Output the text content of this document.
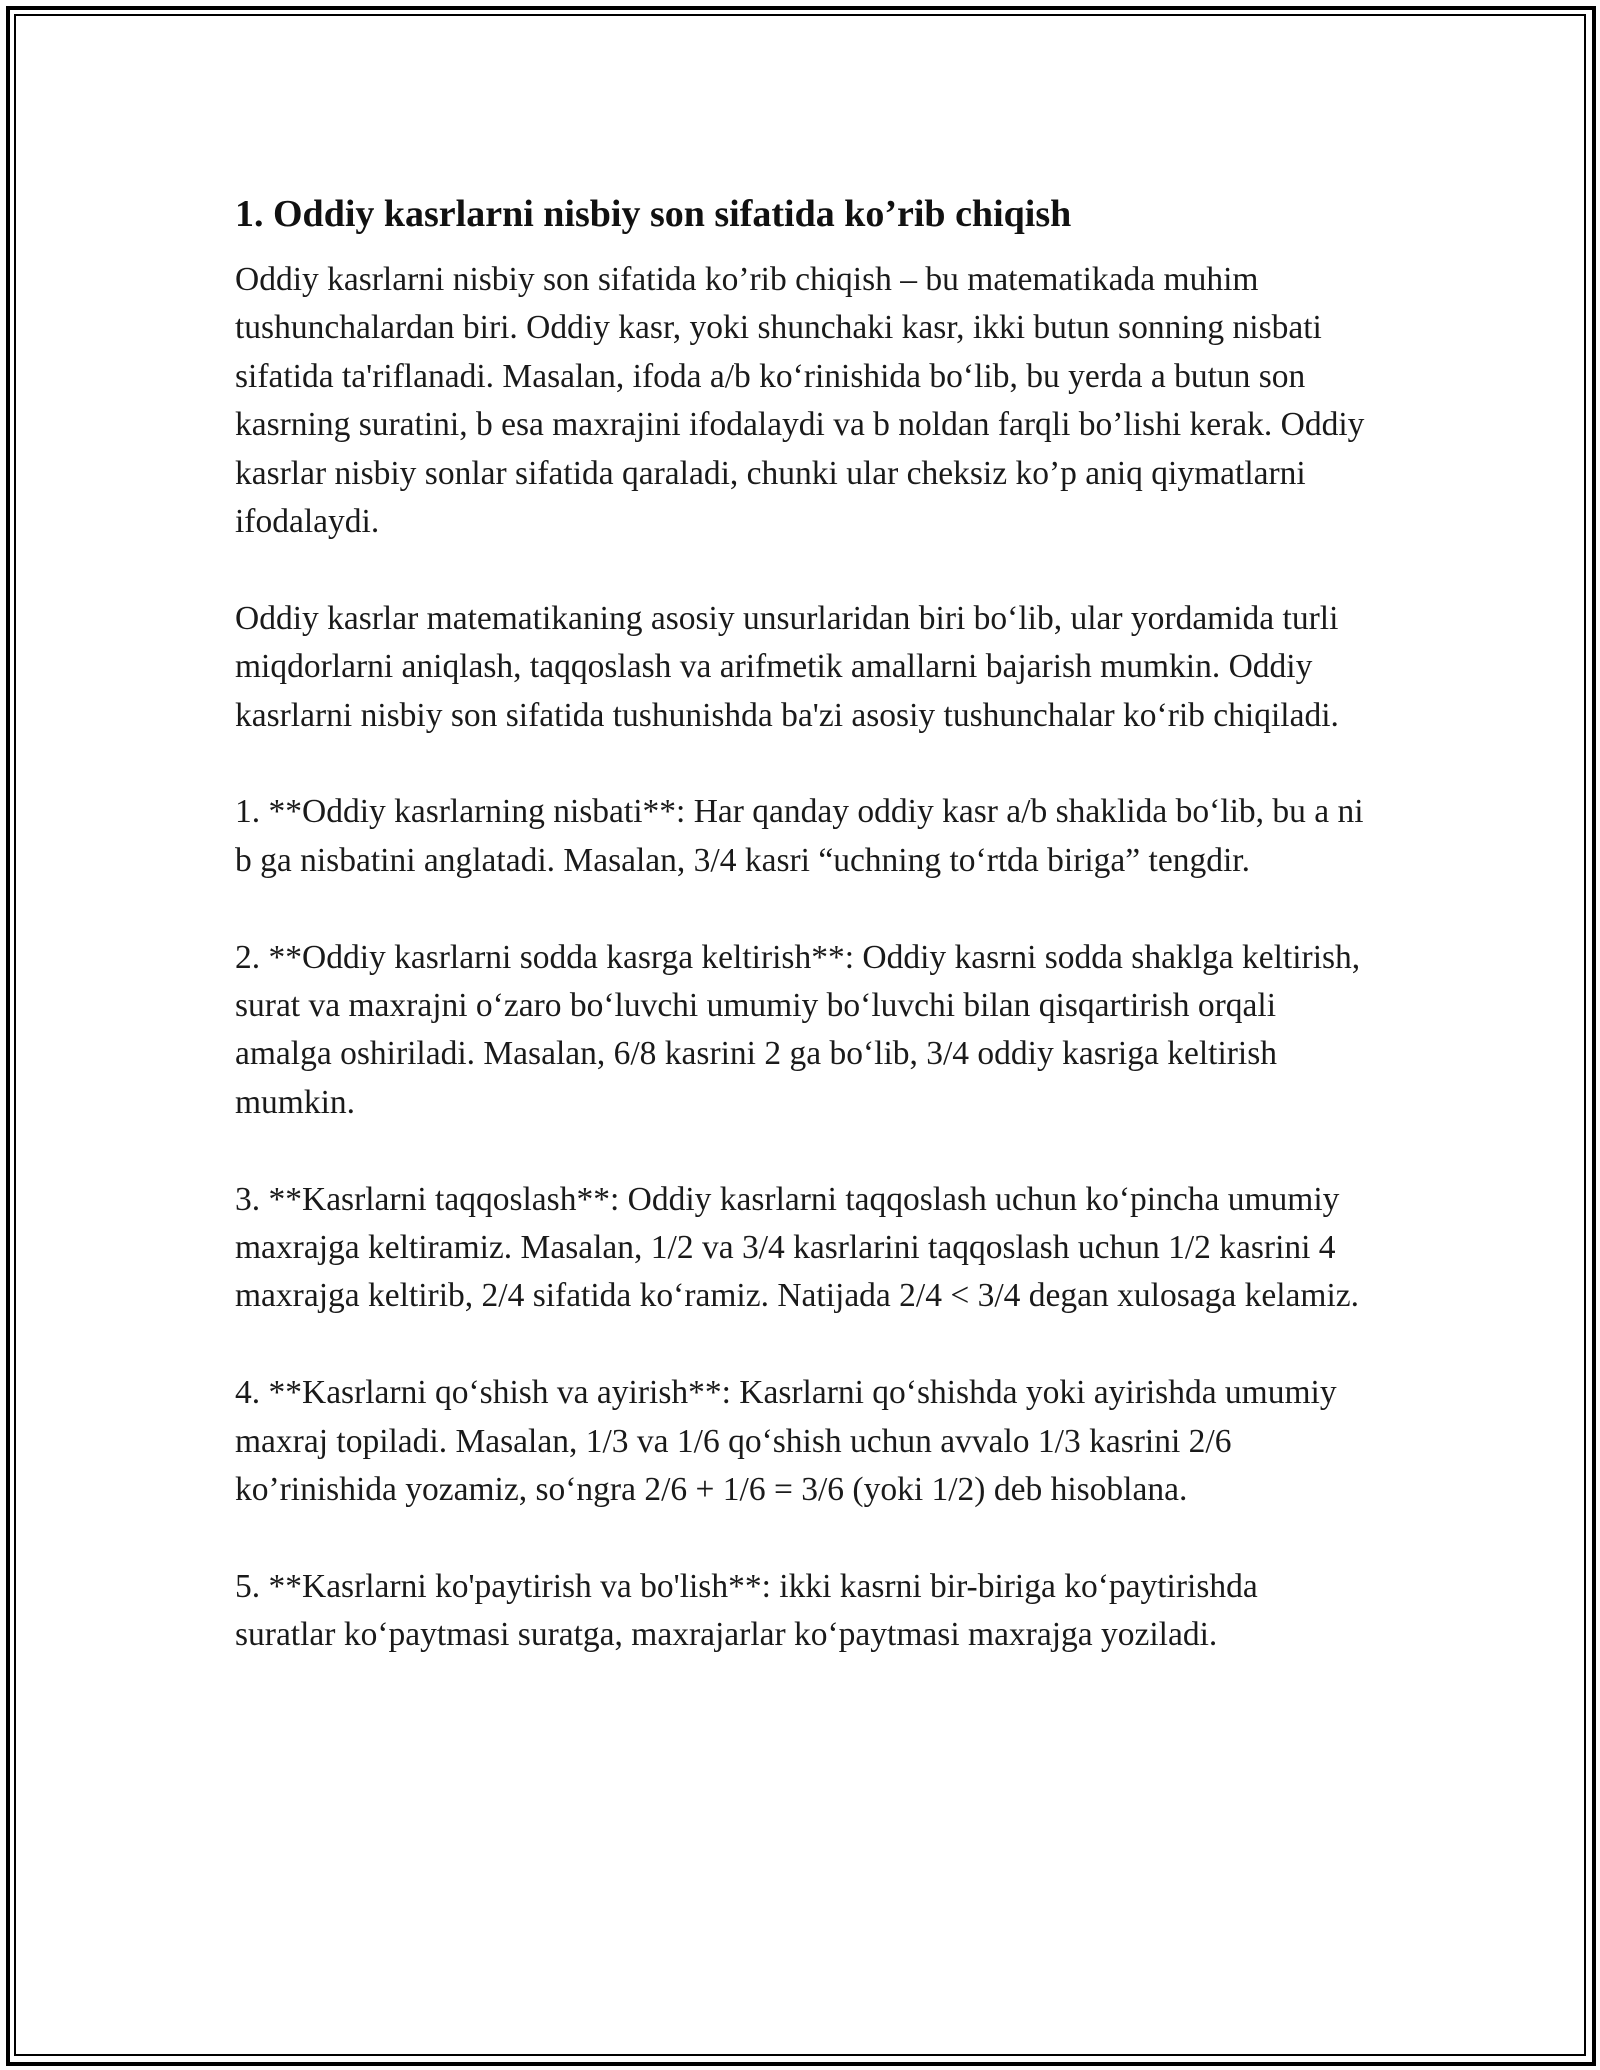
1. Oddiy kasrlarni nisbiy son sifatida ko’rib chiqish

Oddiy kasrlarni nisbiy son sifatida ko’rib chiqish – bu matematikada muhim tushunchalardan biri. Oddiy kasr, yoki shunchaki kasr, ikki butun sonning nisbati sifatida ta'riflanadi. Masalan, ifoda a/b koʻrinishida boʻlib, bu yerda a butun son kasrning suratini, b esa maxrajini ifodalaydi va b noldan farqli bo’lishi kerak. Oddiy kasrlar nisbiy sonlar sifatida qaraladi, chunki ular cheksiz ko’p aniq qiymatlarni ifodalaydi.

Oddiy kasrlar matematikaning asosiy unsurlaridan biri boʻlib, ular yordamida turli miqdorlarni aniqlash, taqqoslash va arifmetik amallarni bajarish mumkin. Oddiy kasrlarni nisbiy son sifatida tushunishda ba'zi asosiy tushunchalar koʻrib chiqiladi.

1. **Oddiy kasrlarning nisbati**: Har qanday oddiy kasr a/b shaklida boʻlib, bu a ni b ga nisbatini anglatadi. Masalan, 3/4 kasri “uchning toʻrtda biriga” tengdir.

2. **Oddiy kasrlarni sodda kasrga keltirish**: Oddiy kasrni sodda shaklga keltirish, surat va maxrajni oʻzaro boʻluvchi umumiy boʻluvchi bilan qisqartirish orqali amalga oshiriladi. Masalan, 6/8 kasrini 2 ga boʻlib, 3/4 oddiy kasriga keltirish mumkin.

3. **Kasrlarni taqqoslash**: Oddiy kasrlarni taqqoslash uchun koʻpincha umumiy maxrajga keltiramiz. Masalan, 1/2 va 3/4 kasrlarini taqqoslash uchun 1/2 kasrini 4 maxrajga keltirib, 2/4 sifatida koʻramiz. Natijada 2/4 < 3/4 degan xulosaga kelamiz.

4. **Kasrlarni qoʻshish va ayirish**: Kasrlarni qoʻshishda yoki ayirishda umumiy maxraj topiladi. Masalan, 1/3 va 1/6 qoʻshish uchun avvalo 1/3 kasrini 2/6 ko’rinishida yozamiz, soʻngra 2/6 + 1/6 = 3/6 (yoki 1/2) deb hisoblana.

5. **Kasrlarni ko'paytirish va bo'lish**: ikki kasrni bir-biriga koʻpaytirishda suratlar koʻpaytmasi suratga, maxrajarlar koʻpaytmasi maxrajga yoziladi.
